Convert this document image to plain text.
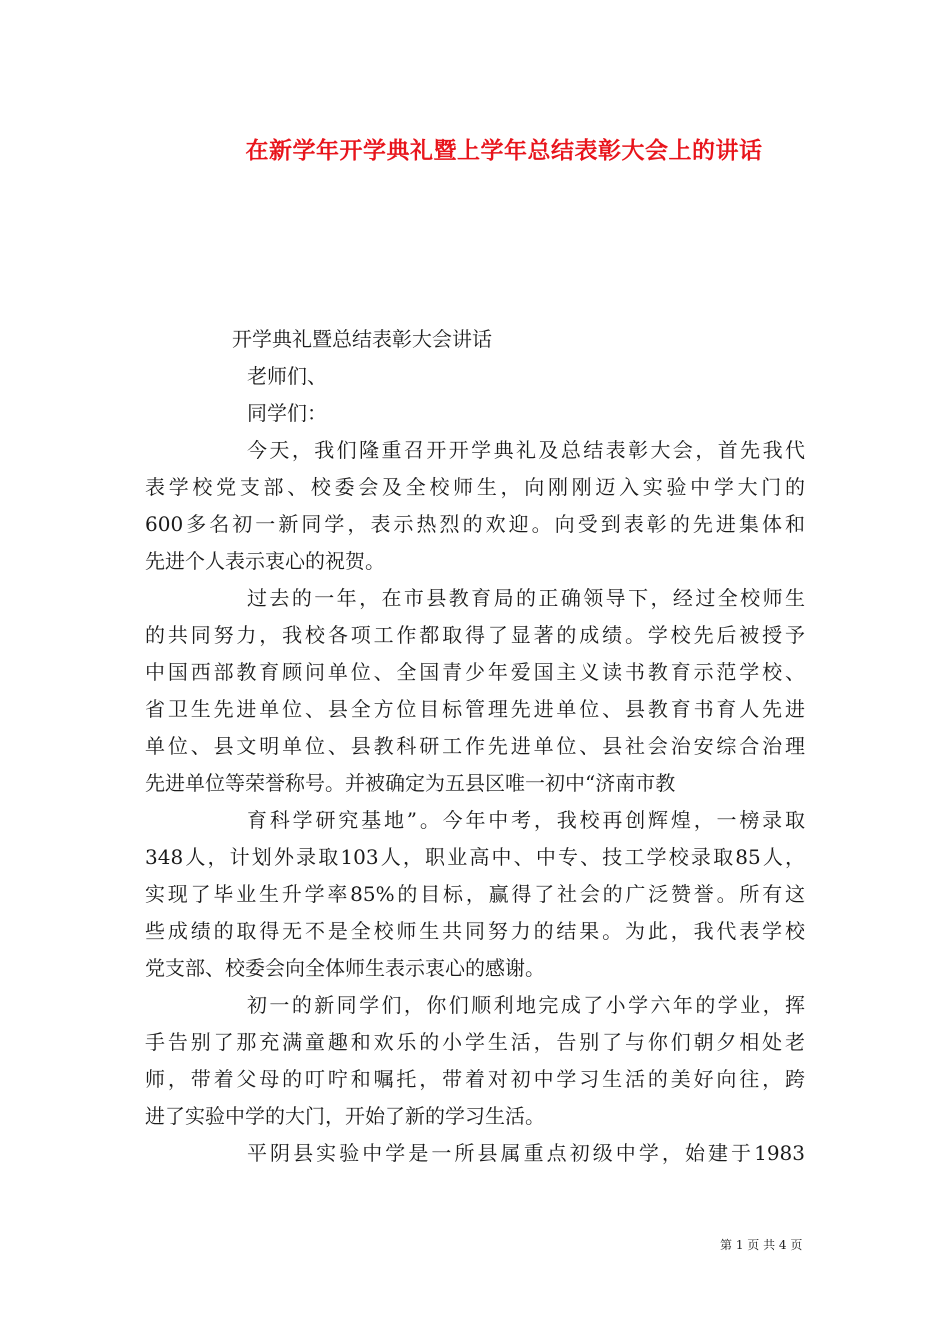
在新学年开学典礼暨上学年总结表彰大会上的讲话
开学典礼暨总结表彰大会讲话
老师们、
同学们：
今天，我们隆重召开开学典礼及总结表彰大会，首先我代
表学校党支部、校委会及全校师生，向刚刚迈入实验中学大门的
600多名初一新同学，表示热烈的欢迎。向受到表彰的先进集体和
先进个人表示衷心的祝贺。
过去的一年，在市县教育局的正确领导下，经过全校师生
的共同努力，我校各项工作都取得了显著的成绩。学校先后被授予
中国西部教育顾问单位、全国青少年爱国主义读书教育示范学校、
省卫生先进单位、县全方位目标管理先进单位、县教育书育人先进
单位、县文明单位、县教科研工作先进单位、县社会治安综合治理
先进单位等荣誉称号。并被确定为五县区唯一初中“济南市教
育科学研究基地”。今年中考，我校再创辉煌，一榜录取
348人，计划外录取103人，职业高中、中专、技工学校录取85人，
实现了毕业生升学率85%的目标，赢得了社会的广泛赞誉。所有这
些成绩的取得无不是全校师生共同努力的结果。为此，我代表学校
党支部、校委会向全体师生表示衷心的感谢。
初一的新同学们，你们顺利地完成了小学六年的学业，挥
手告别了那充满童趣和欢乐的小学生活，告别了与你们朝夕相处老
师，带着父母的叮咛和嘱托，带着对初中学习生活的美好向往，跨
进了实验中学的大门，开始了新的学习生活。
平阴县实验中学是一所县属重点初级中学，始建于1983
第 1 页 共 4 页
